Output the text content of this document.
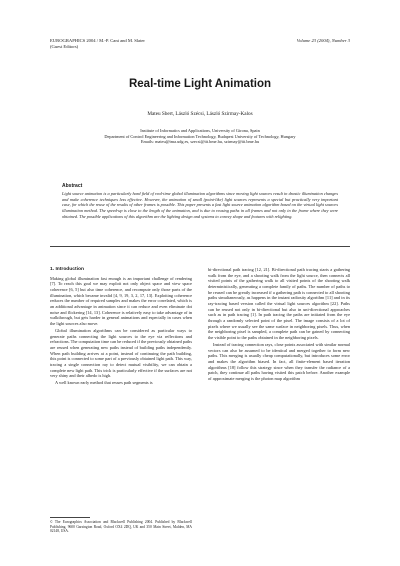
EUROGRAPHICS 2004 / M.-P. Cani and M. Slater
(Guest Editors)
Volume 23 (2004), Number 3
Real-time Light Animation
Mateu Sbert, László Szécsi, László Szirmay-Kalos
Institute of Informatics and Applications, University of Girona, Spain
Department of Control Engineering and Information Technology, Budapest University of Technology, Hungary
Emails: mateu@ima.udg.es, szecsi@iit.bme.hu, szirmay@iit.bme.hu
Abstract
Light source animation is a particularly hard field of real-time global illumination algorithms since moving light sources result in drastic illumination changes and make coherence techniques less effective. However, the animation of small (point-like) light sources represents a special but practically very important case, for which the reuse of the results of other frames is possible. This paper presents a fast light source animation algorithm based on the virtual light sources illumination method. The speed-up is close to the length of the animation, and is due to reusing paths in all frames and not only in the frame where they were obtained. The possible applications of this algorithm are the lighting design and systems to convey shape and features with relighting.
1. Introduction

Making global illumination fast enough is an important challenge of rendering [7]. To reach this goal we may exploit not only object space and view space coherence [6, 5] but also time coherence, and recompute only those parts of the illumination, which became invalid [4, 9, 19, 3, 2, 17, 13]. Exploiting coherence reduces the number of required samples and makes the error correlated, which is an additional advantage in animation since it can reduce and even eliminate dot noise and flickering [14, 13]. Coherence is relatively easy to take advantage of in walkthrough, but gets harder in general animations and especially in cases when the light sources also move.

Global illumination algorithms can be considered as particular ways to generate paths connecting the light sources to the eye via reflections and refractions. The computation time can be reduced if the previously obtained paths are reused when generating new paths instead of building paths independently. When path building arrives at a point, instead of continuing the path building, this point is connected to some part of a previously obtained light path. This way, tracing a single connection ray to detect mutual visibility, we can obtain a complete new light path. This trick is particularly effective if the surfaces are not very shiny and their albedo is high.

A well known early method that reuses path segments is

bi-directional path tracing [12, 21]. Bi-directional path tracing starts a gathering walk from the eye, and a shooting walk from the light source, then connects all visited points of the gathering walk to all visited points of the shooting walk deterministically, generating a complete family of paths. The number of paths to be reused can be greatly increased if a gathering path is connected to all shooting paths simultaneously, as happens in the instant radiosity algorithm [11] and in its ray-tracing based version called the virtual light sources algorithm [22]. Paths can be reused not only in bi-directional but also in uni-directional approaches such as in path tracing [1]. In path tracing the paths are initiated from the eye through a randomly selected point of the pixel. The image consists of a lot of pixels where we usually see the same surface in neighboring pixels. Thus, when the neighboring pixel is sampled, a complete path can be gained by connecting the visible point to the paths obtained in the neighboring pixels.

Instead of tracing connection rays, close points associated with similar normal vectors can also be assumed to be identical and merged together to form new paths. This merging is usually cheap computationally, but introduces some error and makes the algorithm biased. In fact, all finite-element based iteration algorithms [18] follow this strategy since when they transfer the radiance of a patch, they continue all paths having visited this patch before. Another example of approximate merging is the photon map algorithm

© The Eurographics Association and Blackwell Publishing 2004. Published by Blackwell Publishing, 9600 Garsington Road, Oxford OX4 2DQ, UK and 350 Main Street, Malden, MA 02148, USA.
